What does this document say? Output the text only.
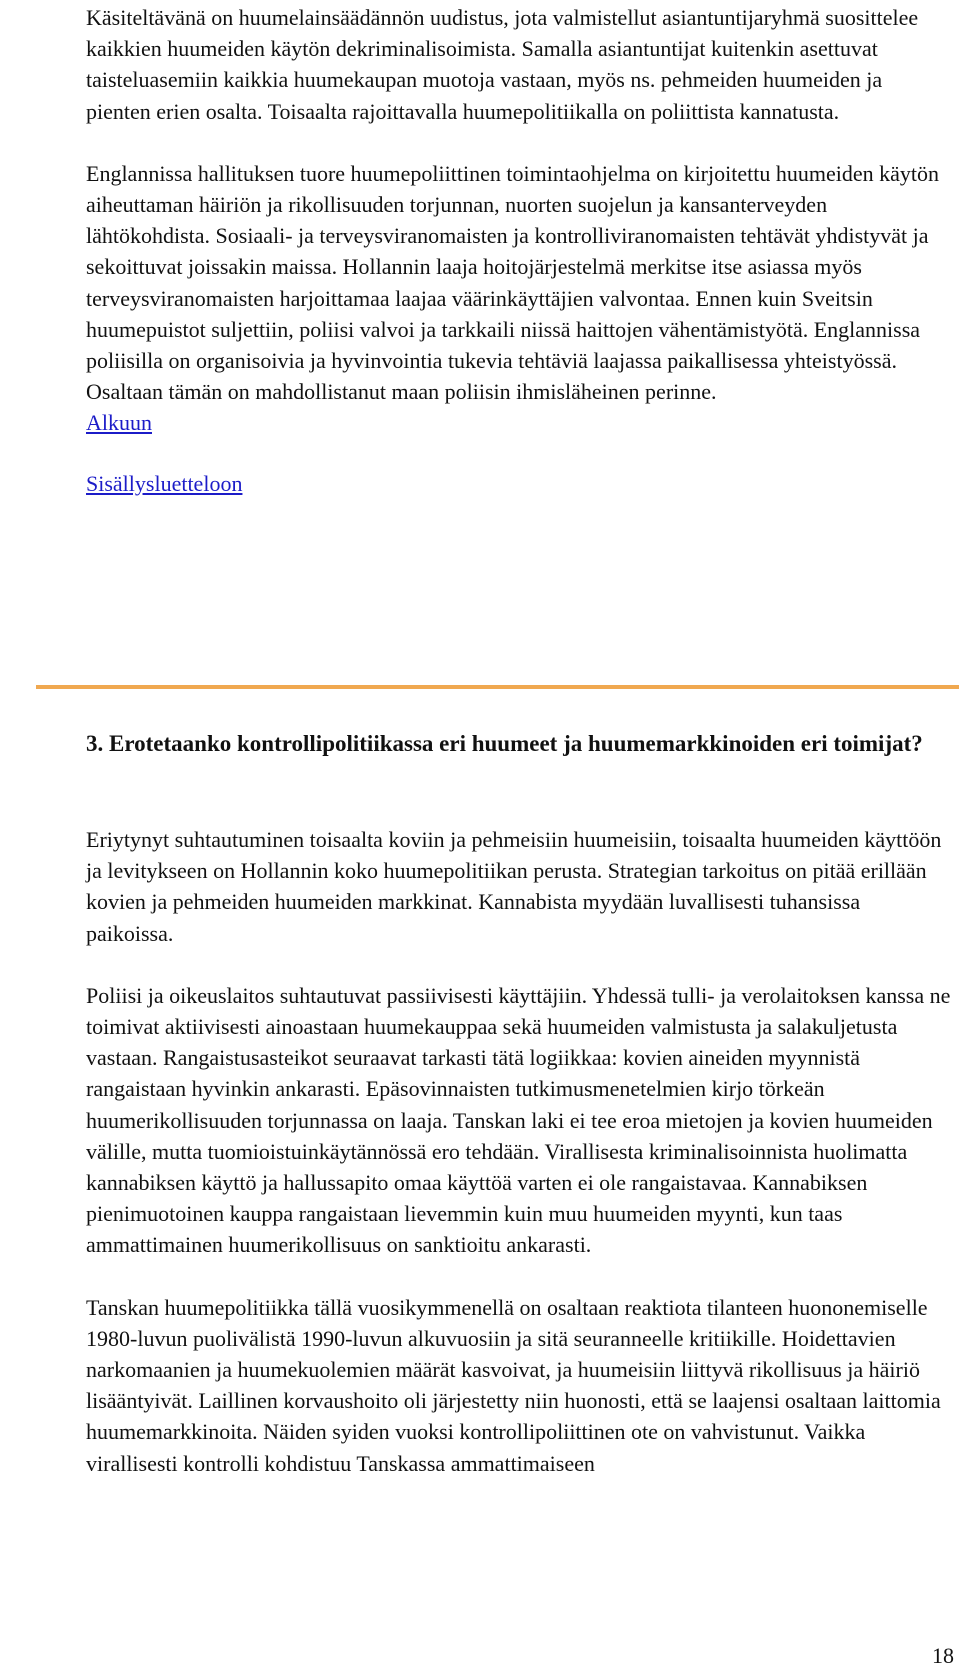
Käsiteltävänä on huumelainsäädännön uudistus, jota valmistellut asiantuntijaryhmä suosittelee kaikkien huumeiden käytön dekriminalisoimista. Samalla asiantuntijat kuitenkin asettuvat taisteluasemiin kaikkia huumekaupan muotoja vastaan, myös ns. pehmeiden huumeiden ja pienten erien osalta. Toisaalta rajoittavalla huumepolitiikalla on poliittista kannatusta.

Englannissa hallituksen tuore huumepoliittinen toimintaohjelma on kirjoitettu huumeiden käytön aiheuttaman häiriön ja rikollisuuden torjunnan, nuorten suojelun ja kansanterveyden lähtökohdista. Sosiaali- ja terveysviranomaisten ja kontrolliviranomaisten tehtävät yhdistyvät ja sekoittuvat joissakin maissa. Hollannin laaja hoitojärjestelmä merkitse itse asiassa myös terveysviranomaisten harjoittamaa laajaa väärinkäyttäjien valvontaa. Ennen kuin Sveitsin huumepuistot suljettiin, poliisi valvoi ja tarkkaili niissä haittojen vähentämistyötä. Englannissa poliisilla on organisoivia ja hyvinvointia tukevia tehtäviä laajassa paikallisessa yhteistyössä. Osaltaan tämän on mahdollistanut maan poliisin ihmisläheinen perinne.

Alkuun

Sisällysluetteloon

3. Erotetaanko kontrollipolitiikassa eri huumeet ja huumemarkkinoiden eri toimijat?

Eriytynyt suhtautuminen toisaalta koviin ja pehmeisiin huumeisiin, toisaalta huumeiden käyttöön ja levitykseen on Hollannin koko huumepolitiikan perusta. Strategian tarkoitus on pitää erillään kovien ja pehmeiden huumeiden markkinat. Kannabista myydään luvallisesti tuhansissa paikoissa.

Poliisi ja oikeuslaitos suhtautuvat passiivisesti käyttäjiin. Yhdessä tulli- ja verolaitoksen kanssa ne toimivat aktiivisesti ainoastaan huumekauppaa sekä huumeiden valmistusta ja salakuljetusta vastaan. Rangaistusasteikot seuraavat tarkasti tätä logiikkaa: kovien aineiden myynnistä rangaistaan hyvinkin ankarasti. Epäsovinnaisten tutkimusmenetelmien kirjo törkeän huumerikollisuuden torjunnassa on laaja. Tanskan laki ei tee eroa mietojen ja kovien huumeiden välille, mutta tuomioistuinkäytännössä ero tehdään. Virallisesta kriminalisoinnista huolimatta kannabiksen käyttö ja hallussapito omaa käyttöä varten ei ole rangaistavaa. Kannabiksen pienimuotoinen kauppa rangaistaan lievemmin kuin muu huumeiden myynti, kun taas ammattimainen huumerikollisuus on sanktioitu ankarasti.

Tanskan huumepolitiikka tällä vuosikymmenellä on osaltaan reaktiota tilanteen huononemiselle 1980-luvun puolivälistä 1990-luvun alkuvuosiin ja sitä seuranneelle kritiikille. Hoidettavien narkomaanien ja huumekuolemien määrät kasvoivat, ja huumeisiin liittyvä rikollisuus ja häiriö lisääntyivät. Laillinen korvaushoito oli järjestetty niin huonosti, että se laajensi osaltaan laittomia huumemarkkinoita. Näiden syiden vuoksi kontrollipoliittinen ote on vahvistunut. Vaikka virallisesti kontrolli kohdistuu Tanskassa ammattimaiseen

18
